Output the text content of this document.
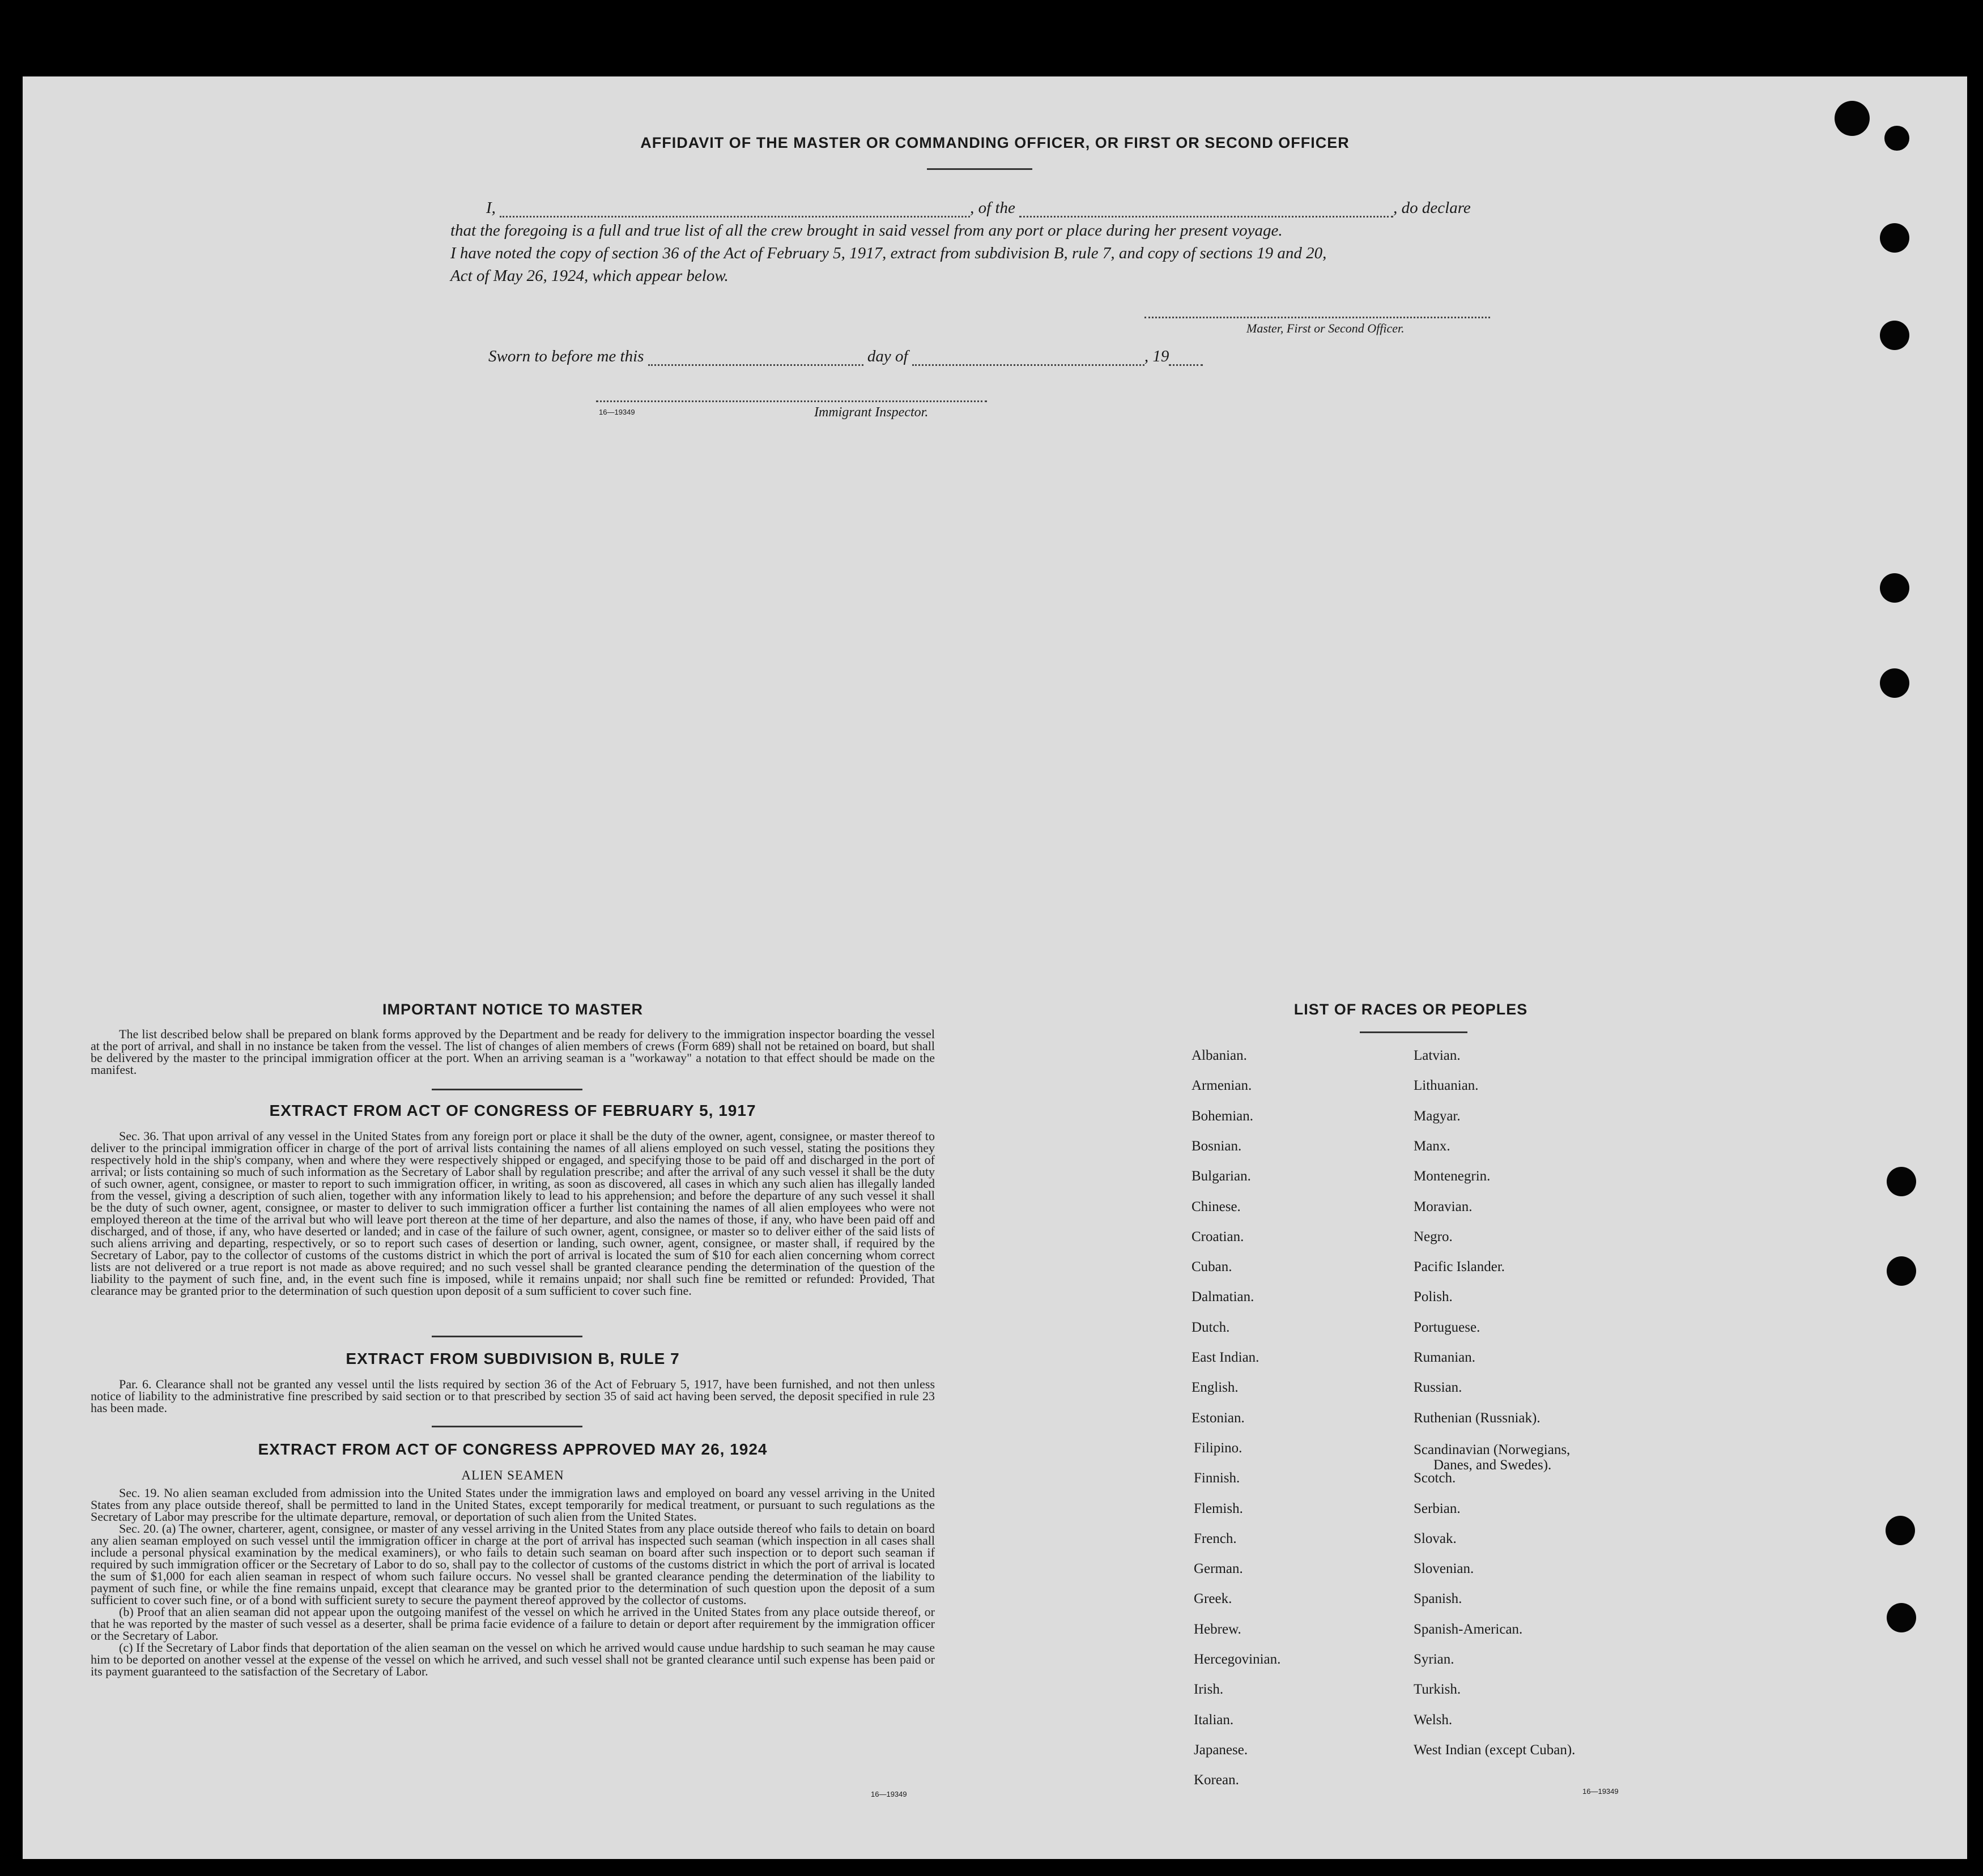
AFFIDAVIT OF THE MASTER OR COMMANDING OFFICER, OR FIRST OR SECOND OFFICER
I,	, of the	, do declare
that the foregoing is a full and true list of all the crew brought in said vessel from any port or place during her present voyage.
I have noted the copy of section 36 of the Act of February 5, 1917, extract from subdivision B, rule 7, and copy of sections 19 and 20,
Act of May 26, 1924, which appear below.
Master, First or Second Officer.
Sworn to before me this	day of	, 19
16—19349	Immigrant Inspector.
IMPORTANT NOTICE TO MASTER
The list described below shall be prepared on blank forms approved by the Department and be ready for delivery to the immigration inspector boarding the vessel at the port of arrival, and shall in no instance be taken from the vessel. The list of changes of alien members of crews (Form 689) shall not be retained on board, but shall be delivered by the master to the principal immigration officer at the port. When an arriving seaman is a "workaway" a notation to that effect should be made on the manifest.
EXTRACT FROM ACT OF CONGRESS OF FEBRUARY 5, 1917
Sec. 36. That upon arrival of any vessel in the United States from any foreign port or place it shall be the duty of the owner, agent, consignee, or master thereof to deliver to the principal immigration officer in charge of the port of arrival lists containing the names of all aliens employed on such vessel, stating the positions they respectively hold in the ship's company, when and where they were respectively shipped or engaged, and specifying those to be paid off and discharged in the port of arrival; or lists containing so much of such information as the Secretary of Labor shall by regulation prescribe; and after the arrival of any such vessel it shall be the duty of such owner, agent, consignee, or master to report to such immigration officer, in writing, as soon as discovered, all cases in which any such alien has illegally landed from the vessel, giving a description of such alien, together with any information likely to lead to his apprehension; and before the departure of any such vessel it shall be the duty of such owner, agent, consignee, or master to deliver to such immigration officer a further list containing the names of all alien employees who were not employed thereon at the time of the arrival but who will leave port thereon at the time of her departure, and also the names of those, if any, who have been paid off and discharged, and of those, if any, who have deserted or landed; and in case of the failure of such owner, agent, consignee, or master so to deliver either of the said lists of such aliens arriving and departing, respectively, or so to report such cases of desertion or landing, such owner, agent, consignee, or master shall, if required by the Secretary of Labor, pay to the collector of customs of the customs district in which the port of arrival is located the sum of $10 for each alien concerning whom correct lists are not delivered or a true report is not made as above required; and no such vessel shall be granted clearance pending the determination of the question of the liability to the payment of such fine, and, in the event such fine is imposed, while it remains unpaid; nor shall such fine be remitted or refunded: Provided, That clearance may be granted prior to the determination of such question upon deposit of a sum sufficient to cover such fine.
EXTRACT FROM SUBDIVISION B, RULE 7
Par. 6. Clearance shall not be granted any vessel until the lists required by section 36 of the Act of February 5, 1917, have been furnished, and not then unless notice of liability to the administrative fine prescribed by said section or to that prescribed by section 35 of said act having been served, the deposit specified in rule 23 has been made.
EXTRACT FROM ACT OF CONGRESS APPROVED MAY 26, 1924
ALIEN SEAMEN
Sec. 19. No alien seaman excluded from admission into the United States under the immigration laws and employed on board any vessel arriving in the United States from any place outside thereof, shall be permitted to land in the United States, except temporarily for medical treatment, or pursuant to such regulations as the Secretary of Labor may prescribe for the ultimate departure, removal, or deportation of such alien from the United States.
Sec. 20. (a) The owner, charterer, agent, consignee, or master of any vessel arriving in the United States from any place outside thereof who fails to detain on board any alien seaman employed on such vessel until the immigration officer in charge at the port of arrival has inspected such seaman (which inspection in all cases shall include a personal physical examination by the medical examiners), or who fails to detain such seaman on board after such inspection or to deport such seaman if required by such immigration officer or the Secretary of Labor to do so, shall pay to the collector of customs of the customs district in which the port of arrival is located the sum of $1,000 for each alien seaman in respect of whom such failure occurs. No vessel shall be granted clearance pending the determination of the liability to payment of such fine, or while the fine remains unpaid, except that clearance may be granted prior to the determination of such question upon the deposit of a sum sufficient to cover such fine, or of a bond with sufficient surety to secure the payment thereof approved by the collector of customs.
(b) Proof that an alien seaman did not appear upon the outgoing manifest of the vessel on which he arrived in the United States from any place outside thereof, or that he was reported by the master of such vessel as a deserter, shall be prima facie evidence of a failure to detain or deport after requirement by the immigration officer or the Secretary of Labor.
(c) If the Secretary of Labor finds that deportation of the alien seaman on the vessel on which he arrived would cause undue hardship to such seaman he may cause him to be deported on another vessel at the expense of the vessel on which he arrived, and such vessel shall not be granted clearance until such expense has been paid or its payment guaranteed to the satisfaction of the Secretary of Labor.
16—19349
LIST OF RACES OR PEOPLES
16—19349
Albanian.
Armenian.
Bohemian.
Bosnian.
Bulgarian.
Chinese.
Croatian.
Cuban.
Dalmatian.
Dutch.
East Indian.
English.
Estonian.
Filipino.
Finnish.
Flemish.
French.
German.
Greek.
Hebrew.
Hercegovinian.
Irish.
Italian.
Japanese.
Korean.
Latvian.
Lithuanian.
Magyar.
Manx.
Montenegrin.
Moravian.
Negro.
Pacific Islander.
Polish.
Portuguese.
Rumanian.
Russian.
Ruthenian (Russniak).
Scandinavian (Norwegians,
Danes, and Swedes).
Scotch.
Serbian.
Slovak.
Slovenian.
Spanish.
Spanish-American.
Syrian.
Turkish.
Welsh.
West Indian (except Cuban).
